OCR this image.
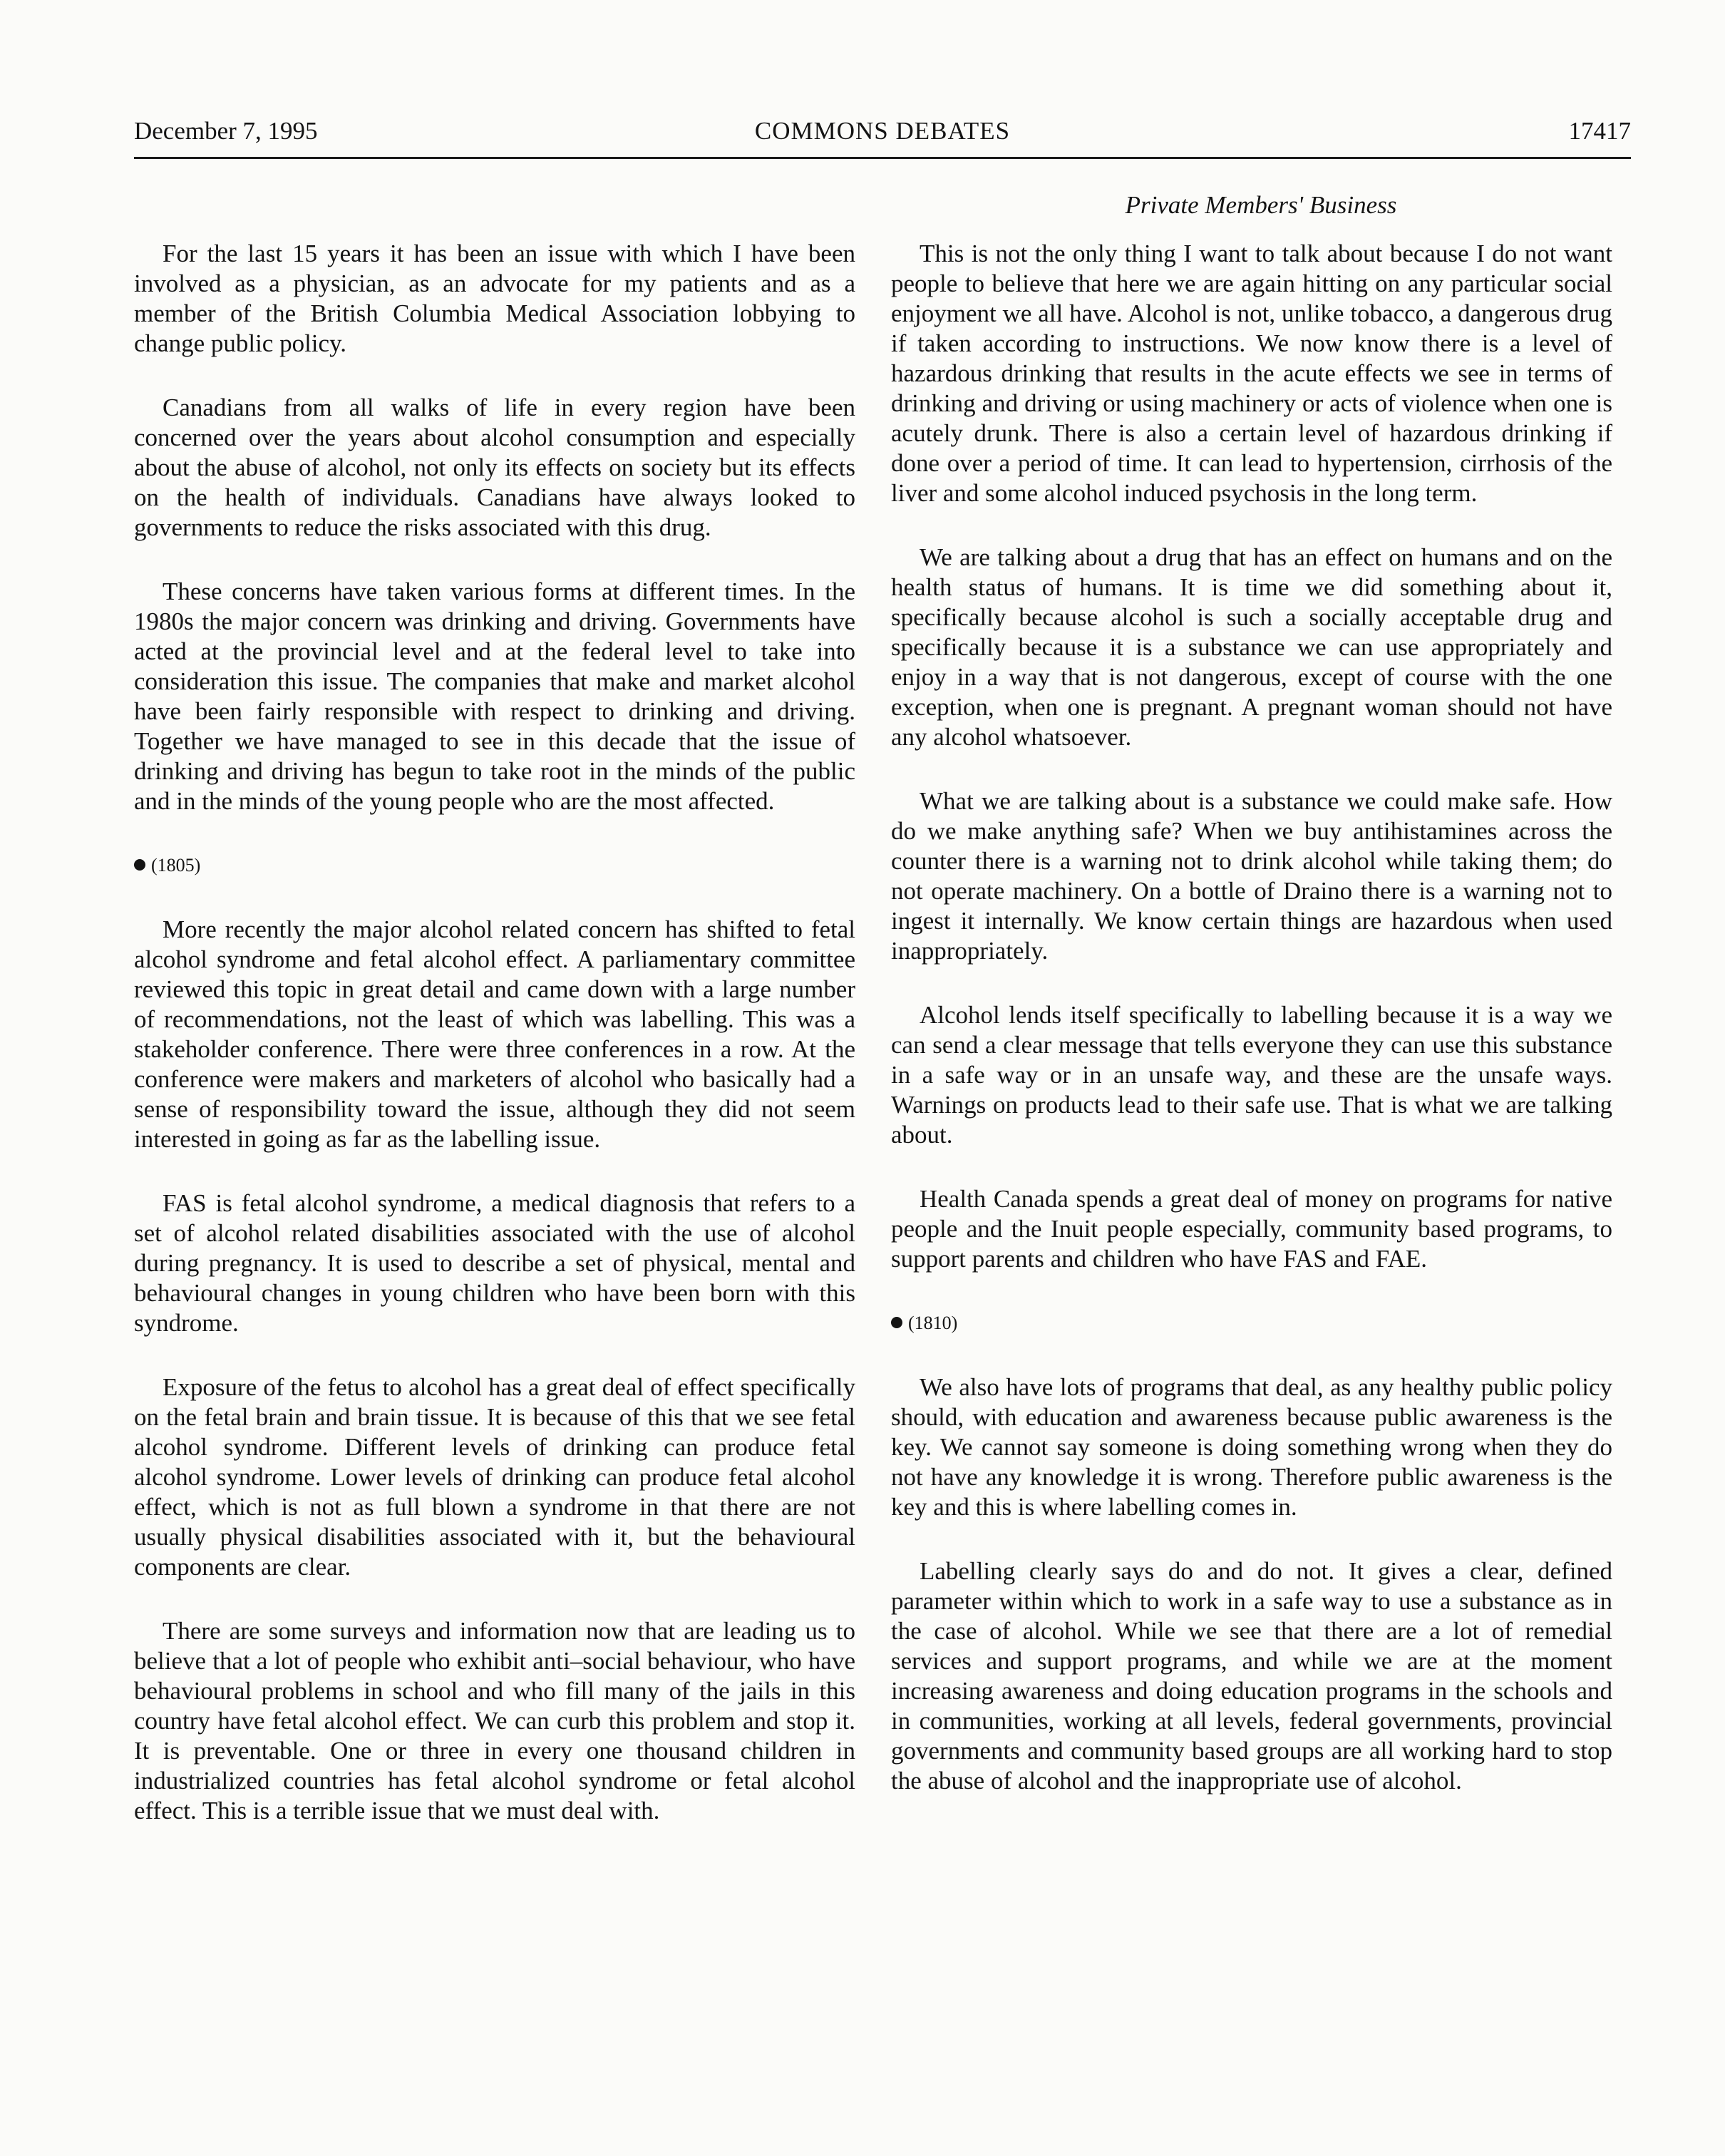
December 7, 1995	COMMONS DEBATES	17417
Private Members' Business

For the last 15 years it has been an issue with which I have been involved as a physician, as an advocate for my patients and as a member of the British Columbia Medical Association lobbying to change public policy.

Canadians from all walks of life in every region have been concerned over the years about alcohol consumption and especially about the abuse of alcohol, not only its effects on society but its effects on the health of individuals. Canadians have always looked to governments to reduce the risks associated with this drug.

These concerns have taken various forms at different times. In the 1980s the major concern was drinking and driving. Governments have acted at the provincial level and at the federal level to take into consideration this issue. The companies that make and market alcohol have been fairly responsible with respect to drinking and driving. Together we have managed to see in this decade that the issue of drinking and driving has begun to take root in the minds of the public and in the minds of the young people who are the most affected.

(1805)

More recently the major alcohol related concern has shifted to fetal alcohol syndrome and fetal alcohol effect. A parliamentary committee reviewed this topic in great detail and came down with a large number of recommendations, not the least of which was labelling. This was a stakeholder conference. There were three conferences in a row. At the conference were makers and marketers of alcohol who basically had a sense of responsibility toward the issue, although they did not seem interested in going as far as the labelling issue.

FAS is fetal alcohol syndrome, a medical diagnosis that refers to a set of alcohol related disabilities associated with the use of alcohol during pregnancy. It is used to describe a set of physical, mental and behavioural changes in young children who have been born with this syndrome.

Exposure of the fetus to alcohol has a great deal of effect specifically on the fetal brain and brain tissue. It is because of this that we see fetal alcohol syndrome. Different levels of drinking can produce fetal alcohol syndrome. Lower levels of drinking can produce fetal alcohol effect, which is not as full blown a syndrome in that there are not usually physical disabilities associated with it, but the behavioural components are clear.

There are some surveys and information now that are leading us to believe that a lot of people who exhibit anti–social behaviour, who have behavioural problems in school and who fill many of the jails in this country have fetal alcohol effect. We can curb this problem and stop it. It is preventable. One or three in every one thousand children in industrialized countries has fetal alcohol syndrome or fetal alcohol effect. This is a terrible issue that we must deal with.

This is not the only thing I want to talk about because I do not want people to believe that here we are again hitting on any particular social enjoyment we all have. Alcohol is not, unlike tobacco, a dangerous drug if taken according to instructions. We now know there is a level of hazardous drinking that results in the acute effects we see in terms of drinking and driving or using machinery or acts of violence when one is acutely drunk. There is also a certain level of hazardous drinking if done over a period of time. It can lead to hypertension, cirrhosis of the liver and some alcohol induced psychosis in the long term.

We are talking about a drug that has an effect on humans and on the health status of humans. It is time we did something about it, specifically because alcohol is such a socially acceptable drug and specifically because it is a substance we can use appropriately and enjoy in a way that is not dangerous, except of course with the one exception, when one is pregnant. A pregnant woman should not have any alcohol whatsoever.

What we are talking about is a substance we could make safe. How do we make anything safe? When we buy antihistamines across the counter there is a warning not to drink alcohol while taking them; do not operate machinery. On a bottle of Draino there is a warning not to ingest it internally. We know certain things are hazardous when used inappropriately.

Alcohol lends itself specifically to labelling because it is a way we can send a clear message that tells everyone they can use this substance in a safe way or in an unsafe way, and these are the unsafe ways. Warnings on products lead to their safe use. That is what we are talking about.

Health Canada spends a great deal of money on programs for native people and the Inuit people especially, community based programs, to support parents and children who have FAS and FAE.

(1810)

We also have lots of programs that deal, as any healthy public policy should, with education and awareness because public awareness is the key. We cannot say someone is doing something wrong when they do not have any knowledge it is wrong. Therefore public awareness is the key and this is where labelling comes in.

Labelling clearly says do and do not. It gives a clear, defined parameter within which to work in a safe way to use a substance as in the case of alcohol. While we see that there are a lot of remedial services and support programs, and while we are at the moment increasing awareness and doing education programs in the schools and in communities, working at all levels, federal governments, provincial governments and community based groups are all working hard to stop the abuse of alcohol and the inappropriate use of alcohol.
